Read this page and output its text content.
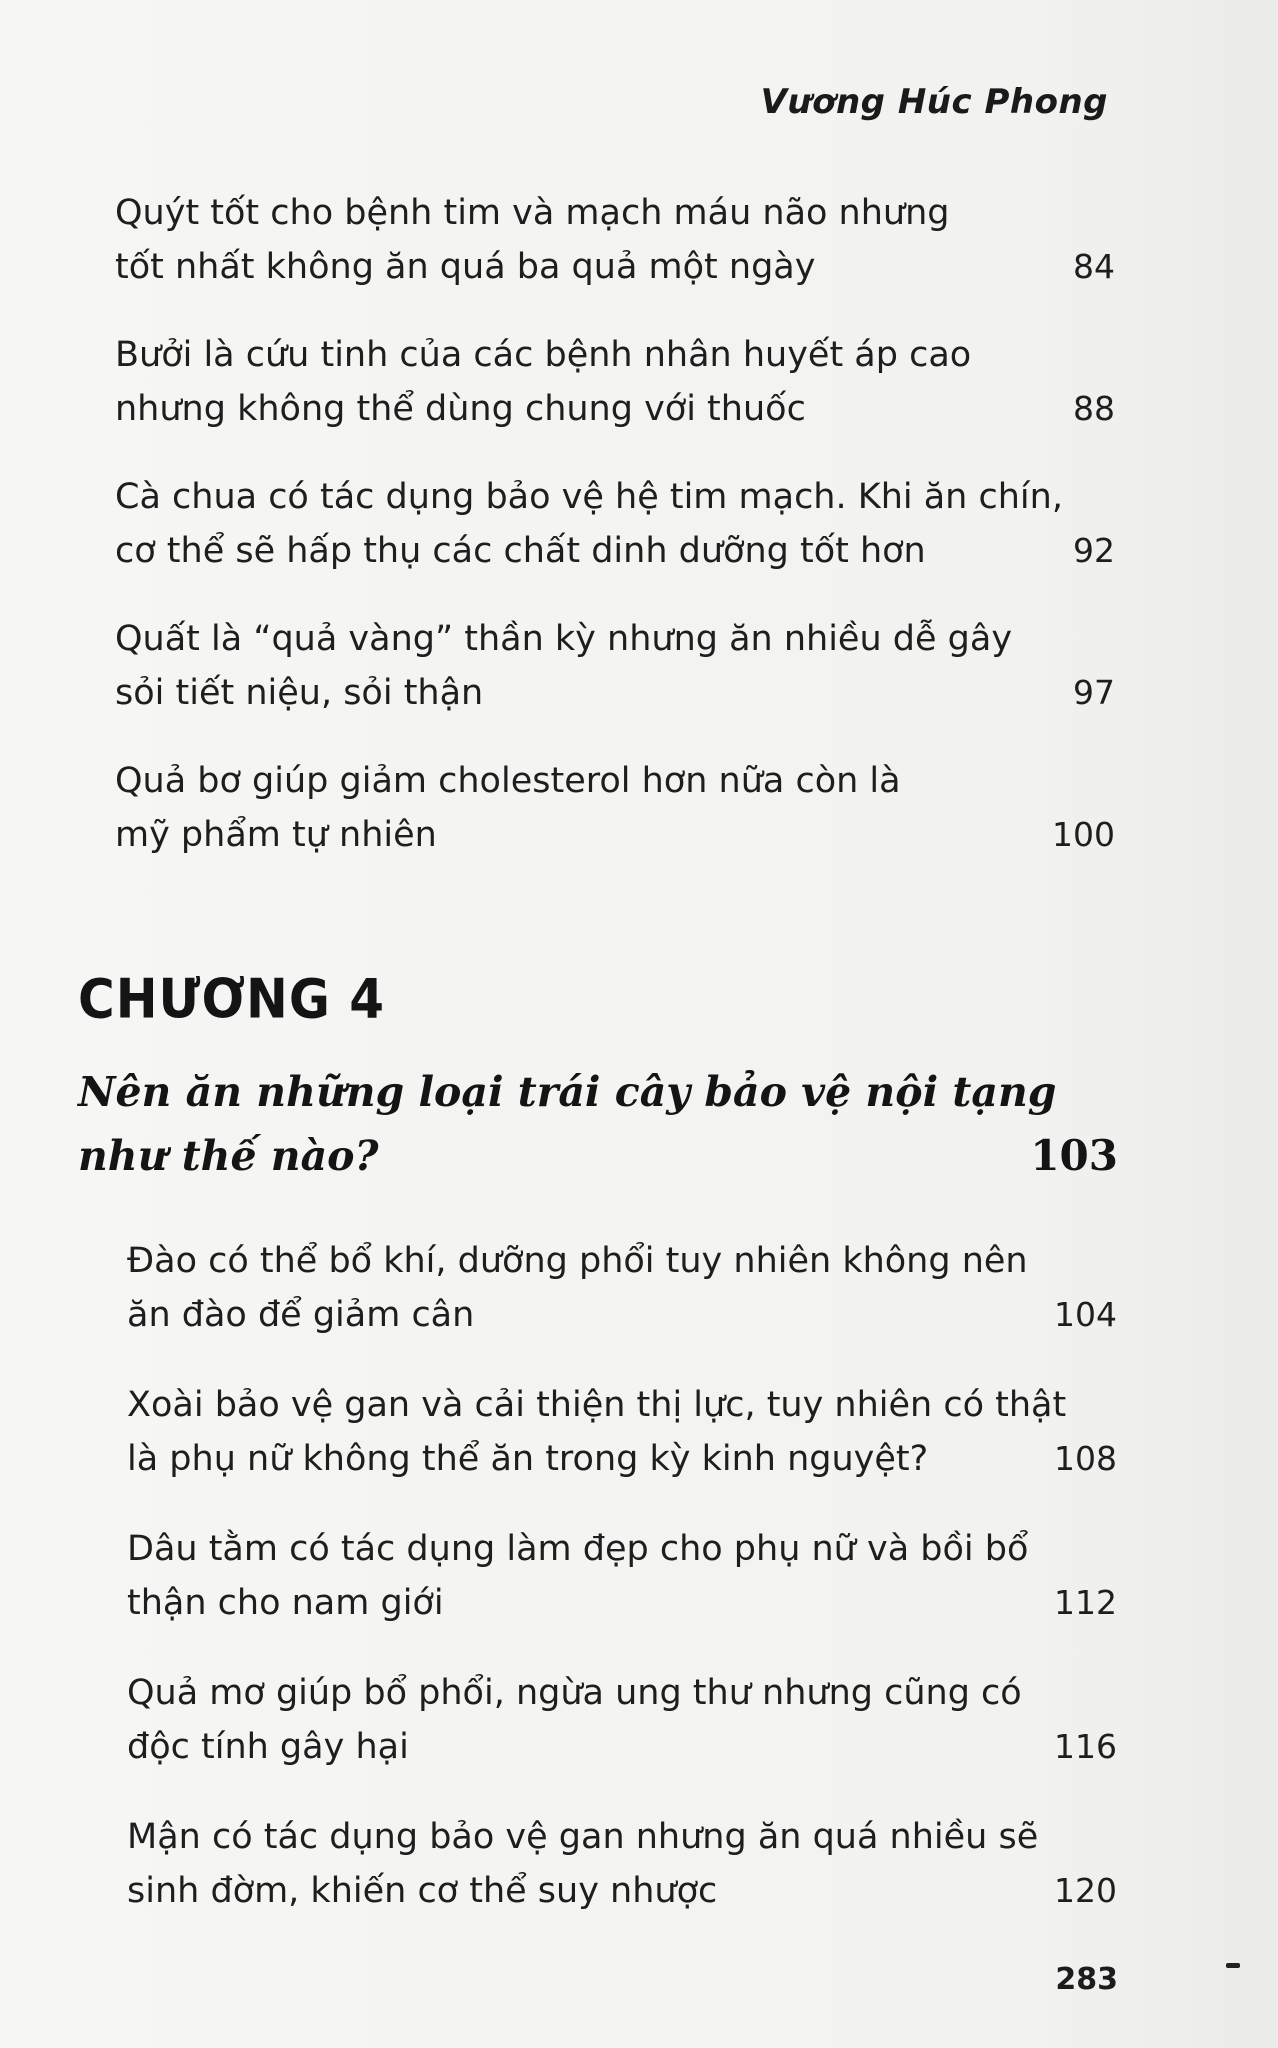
Vương Húc Phong
Quýt tốt cho bệnh tim và mạch máu não nhưng
tốt nhất không ăn quá ba quả một ngày	84
Bưởi là cứu tinh của các bệnh nhân huyết áp cao
nhưng không thể dùng chung với thuốc	88
Cà chua có tác dụng bảo vệ hệ tim mạch. Khi ăn chín,
cơ thể sẽ hấp thụ các chất dinh dưỡng tốt hơn	92
Quất là “quả vàng” thần kỳ nhưng ăn nhiều dễ gây
sỏi tiết niệu, sỏi thận	97
Quả bơ giúp giảm cholesterol hơn nữa còn là
mỹ phẩm tự nhiên	100
CHƯƠNG 4
Nên ăn những loại trái cây bảo vệ nội tạng
như thế nào?	103
Đào có thể bổ khí, dưỡng phổi tuy nhiên không nên
ăn đào để giảm cân	104
Xoài bảo vệ gan và cải thiện thị lực, tuy nhiên có thật
là phụ nữ không thể ăn trong kỳ kinh nguyệt?	108
Dâu tằm có tác dụng làm đẹp cho phụ nữ và bồi bổ
thận cho nam giới	112
Quả mơ giúp bổ phổi, ngừa ung thư nhưng cũng có
độc tính gây hại	116
Mận có tác dụng bảo vệ gan nhưng ăn quá nhiều sẽ
sinh đờm, khiến cơ thể suy nhược	120
283
